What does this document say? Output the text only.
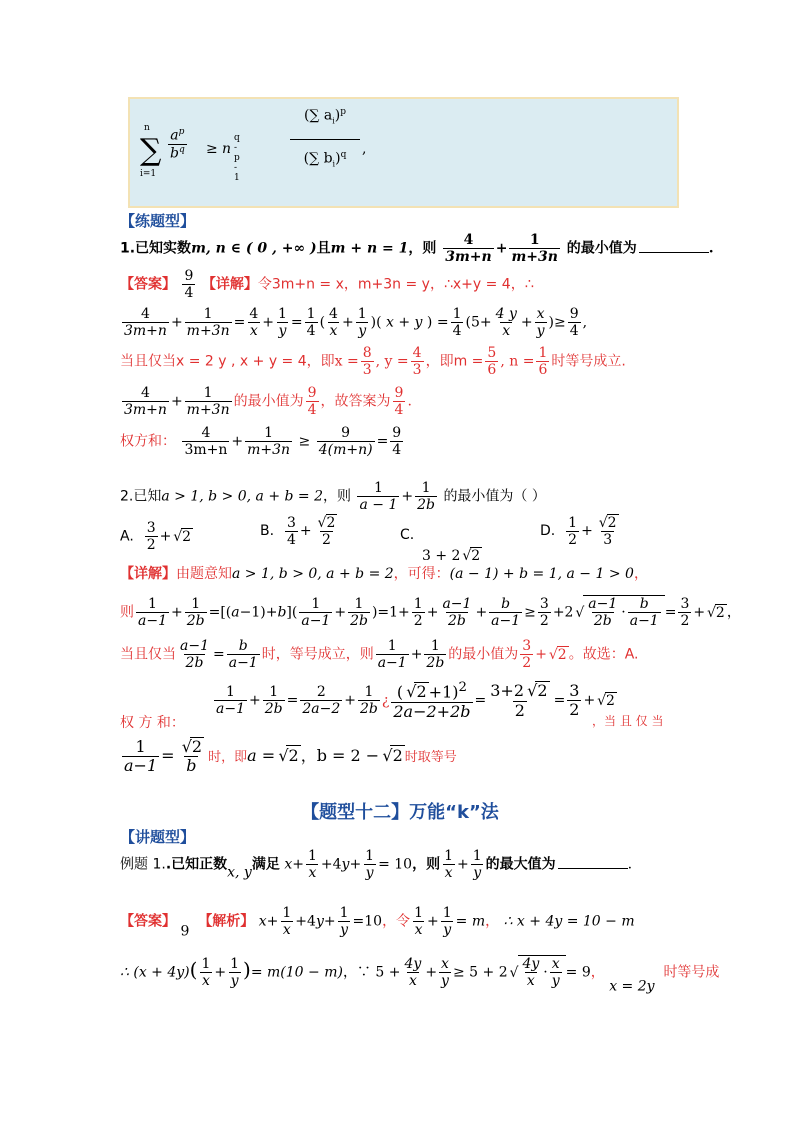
∑
n
i=1
$\frac{a^p}{b^q} \ge n$
q - p - 1
(∑ $a_i)^p$
(∑ $b_i)^q$	,
【练题型】
1.已知实数m, n ∈ ( 0 , +∞ )且m + n = 1，则 $\frac{4}{3m+n} + \frac{1}{m+3n}$ 的最小值为	.
【答案】 $\frac{9}{4}$ 【详解】令3m+n = x，m+3n = y，∴x+y = 4，∴
$\frac{4}{3m+n} + \frac{1}{m+3n} = \frac{4}{x} + \frac{1}{y} = \frac{1}{4}$ ( $\frac{4}{x} + \frac{1}{y}$ )( x + y ) = $\frac{1}{4} (5+ \frac{4 y}{x} + \frac{x}{y}$ )≥ $\frac{9}{4}$ ,
当且仅当x = 2 y , x + y = 4，即$x = \frac{8}{3}$ , $y = \frac{4}{3}$ ，即$m = \frac{5}{6}$ , $n = \frac{1}{6}$ 时等号成立.
$\frac{4}{3m+n} + \frac{1}{m+3n}$ 的最小值为 $\frac{9}{4}$ ，故答案为 $\frac{9}{4}$ .
权方和： $\frac{4}{3m+n} + \frac{1}{m+3n} \ge \frac{9}{4(m+n)} = \frac{9}{4}$
2.已知a > 1, b > 0, a + b = 2，则 $\frac{1}{a - 1} + \frac{1}{2b}$ 的最小值为（ ）
A. $\frac{3}{2}$ + √ 2	B. $\frac{3}{4}$ + √ $\frac{2}{2}$	C.
3 + 2 √ 2
D. $\frac{1}{2}$ + √ $\frac{2}{3}$
【详解】由题意知a > 1, b > 0, a + b = 2，可得：(a − 1) + b = 1, a − 1 > 0，
则 $\frac{1}{a-1} + \frac{1}{2b} =[(a-1)+b]( \frac{1}{a-1} + \frac{1}{2b} )=1+ \frac{1}{2} + \frac{a-1}{2b} + \frac{b}{a-1} \ge \frac{3}{2} +2$ √ $\frac{a-1}{2b} \cdot \frac{b}{a-1} = \frac{3}{2}$ +  √ 2 ，
当且仅当 $\frac{a-1}{2b} = \frac{b}{a-1}$ 时，等号成立，则 $\frac{1}{a-1} + \frac{1}{2b}$ 的最小值为 $\frac{3}{2}$ +  √ 2 。故选：A.
$\frac{1}{a-1} + \frac{1}{2b} = \frac{2}{2a-2} + \frac{1}{2b}$ ¿ $\frac{( √ 2 +1)^2}{2a-2+2b} = \frac{3+2 √ 2}{2} = \frac{3}{2}$ +  √ 2
权 方 和：	，当 且 仅 当
$\frac{1}{a-1}$ = √ $\frac{2}{b}$ 时，即a = √ 2 ，b = 2 − √ 2 时取等号
【题型十二】万能“k”法
【讲题型】
例题 1..已知正数x, y满足 $x+ \frac{1}{x} +4y+ \frac{1}{y} = 10$，则 $\frac{1}{x} + \frac{1}{y}$ 的最大值为	.
【答案】 9  【解析】 $x+ \frac{1}{x} +4y+ \frac{1}{y} =10$，令 $\frac{1}{x} + \frac{1}{y} = m$， ∴ x + 4y = 10 − m
∴ $(x + 4y)( \frac{1}{x} + \frac{1}{y}$ )= m(10 − m)，∵ $5 + \frac{4y}{x} + \frac{x}{y} \ge 5 + 2$ √ $\frac{4y}{x} \cdot \frac{x}{y} = 9$， x = 2y  时等号成
